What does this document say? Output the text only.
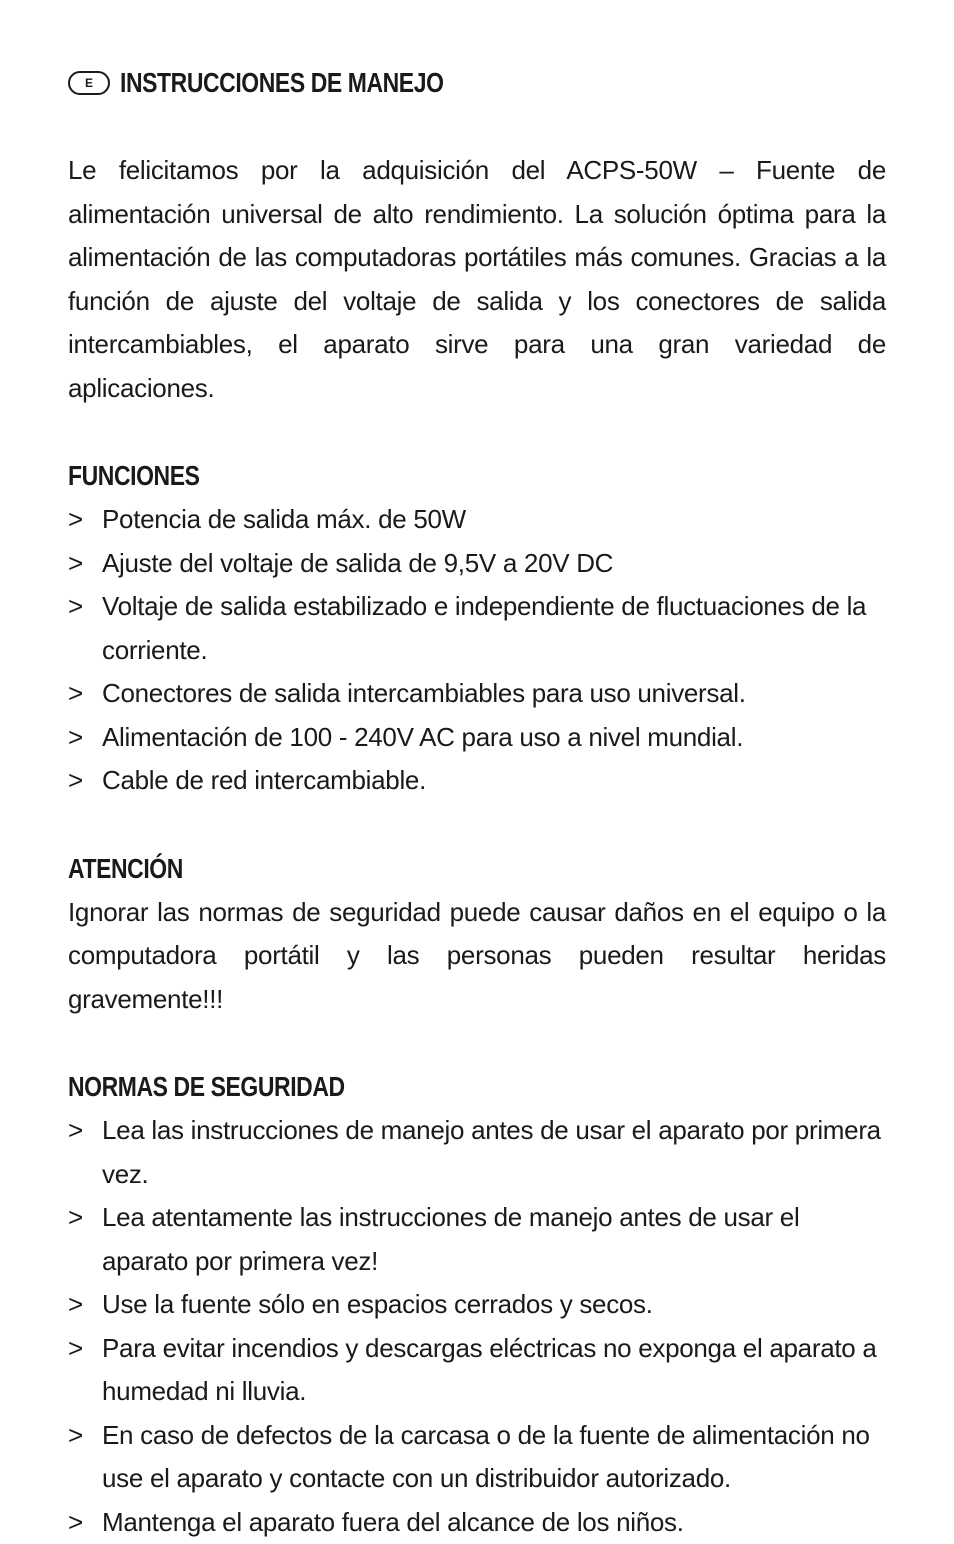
E INSTRUCCIONES DE MANEJO

Le felicitamos por la adquisición del ACPS-50W – Fuente de alimentación universal de alto rendimiento. La solución óptima para la alimentación de las computadoras portátiles más comunes. Gracias a la función de ajuste del voltaje de salida y los conectores de salida intercambiables, el aparato sirve para una gran variedad de aplicaciones.

FUNCIONES
> Potencia de salida máx. de 50W
> Ajuste del voltaje de salida de 9,5V a 20V DC
> Voltaje de salida estabilizado e independiente de fluctuaciones de la corriente.
> Conectores de salida intercambiables para uso universal.
> Alimentación de 100 - 240V AC para uso a nivel mundial.
> Cable de red intercambiable.
ATENCIÓN

Ignorar las normas de seguridad puede causar daños en el equipo o la computadora portátil y las personas pueden resultar heridas gravemente!!!

NORMAS DE SEGURIDAD
> Lea las instrucciones de manejo antes de usar el aparato por primera vez.
> Lea atentamente las instrucciones de manejo antes de usar el aparato por primera vez!
> Use la fuente sólo en espacios cerrados y secos.
> Para evitar incendios y descargas eléctricas no exponga el aparato a humedad ni lluvia.
> En caso de defectos de la carcasa o de la fuente de alimentación no use el aparato y contacte con un distribuidor autorizado.
> Mantenga el aparato fuera del alcance de los niños.
